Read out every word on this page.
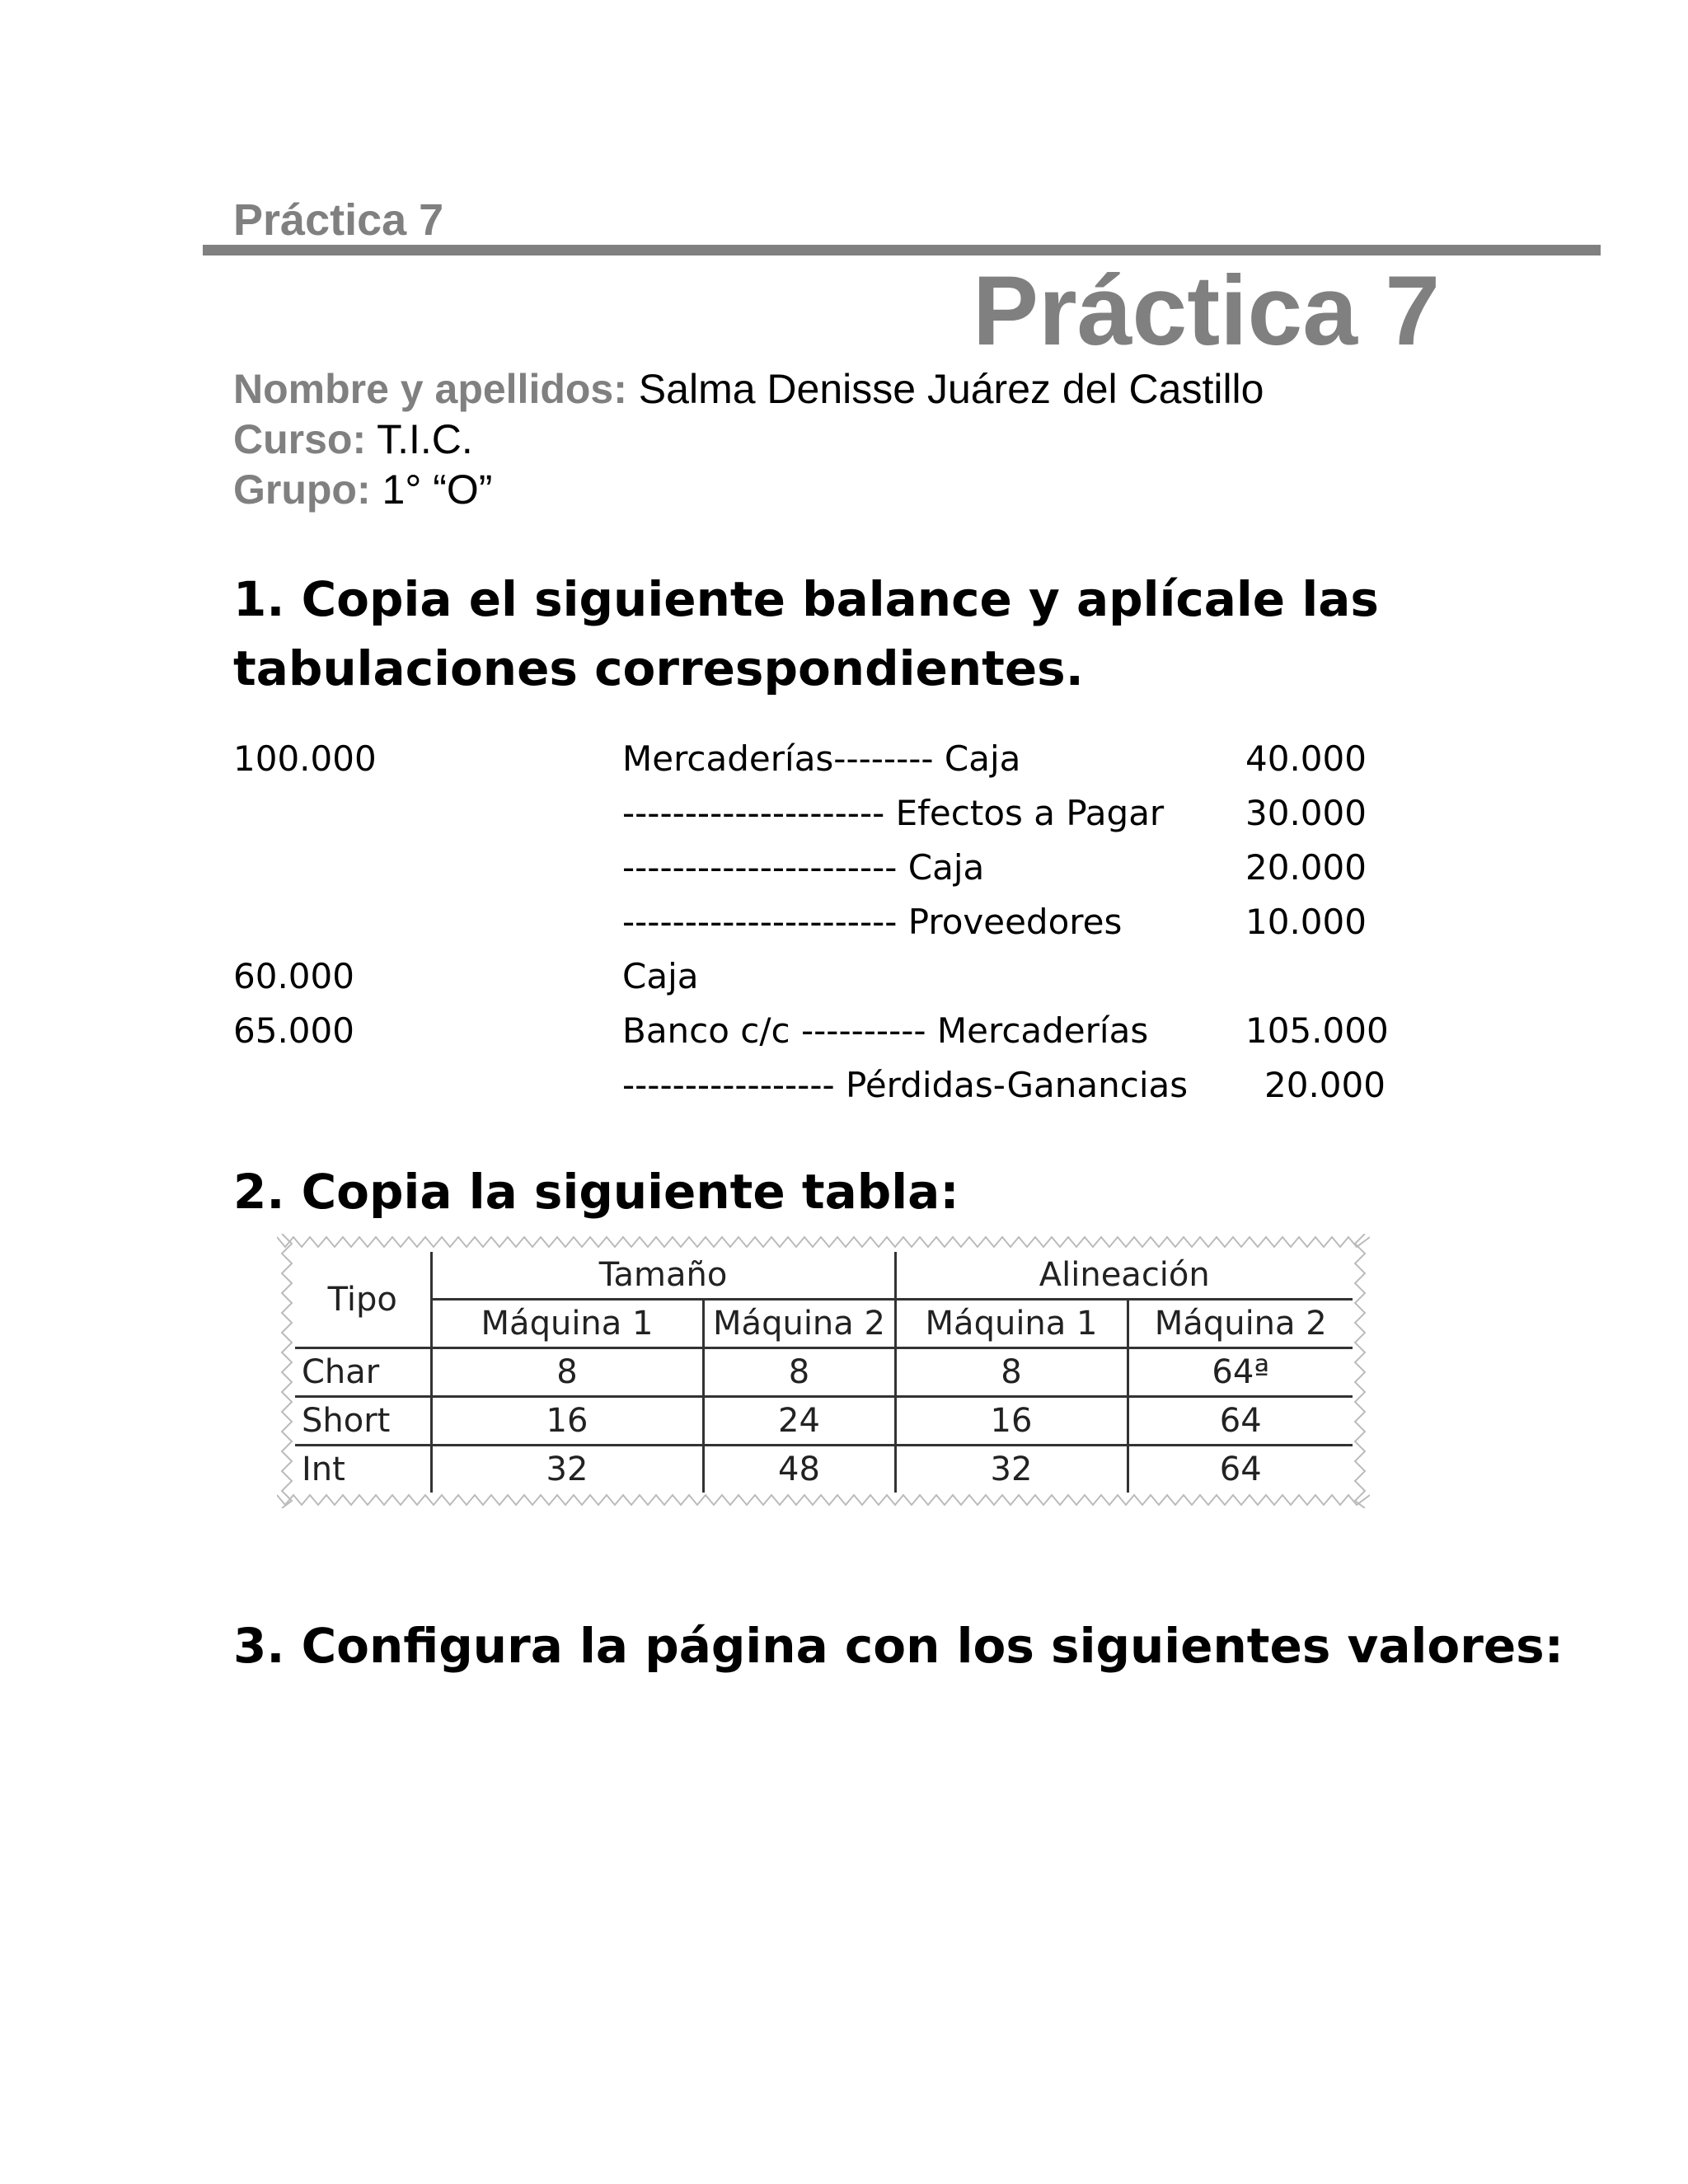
Práctica 7
Práctica 7
Nombre y apellidos: Salma Denisse Juárez del Castillo
Curso: T.I.C.
Grupo: 1° “O”
1. Copia el siguiente balance y aplícale las
tabulaciones correspondientes.
100.000	Mercaderías-------- Caja	40.000
--------------------- Efectos a Pagar 30.000
---------------------- Caja	20.000
---------------------- Proveedores	10.000
60.000	Caja
65.000	Banco c/c ---------- Mercaderías	105.000
----------------- Pérdidas-Ganancias 20.000
2. Copia la siguiente tabla:
Tipo	Tamaño		Alineación	
	Máquina 1	Máquina 2	Máquina 1	Máquina 2
Char	8	8	8	64ª
Short	16	24	16	64
Int	32	48	32	64
3. Configura la página con los siguientes valores:
